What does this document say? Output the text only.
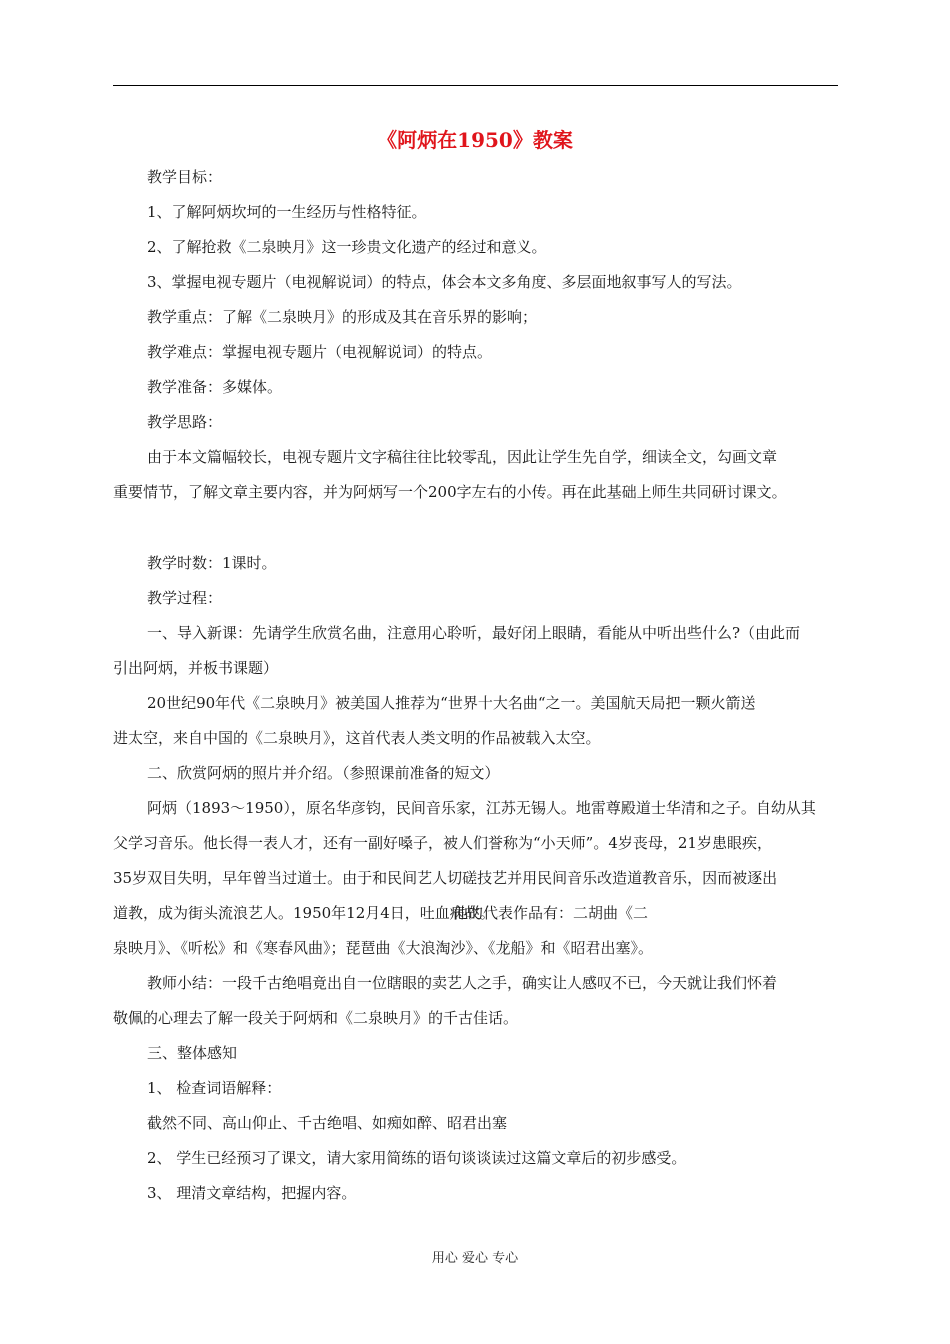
《阿炳在1950》教案

教学目标：

1、了解阿炳坎坷的一生经历与性格特征。

2、了解抢救《二泉映月》这一珍贵文化遗产的经过和意义。

3、掌握电视专题片（电视解说词）的特点，体会本文多角度、多层面地叙事写人的写法。

教学重点：了解《二泉映月》的形成及其在音乐界的影响；

教学难点：掌握电视专题片（电视解说词）的特点。

教学准备：多媒体。

教学思路：

由于本文篇幅较长，电视专题片文字稿往往比较零乱，因此让学生先自学，细读全文，勾画文章

重要情节，了解文章主要内容，并为阿炳写一个200字左右的小传。再在此基础上师生共同研讨课文。

教学时数：1课时。

教学过程：

一、导入新课：先请学生欣赏名曲，注意用心聆听，最好闭上眼睛，看能从中听出些什么?（由此而

引出阿炳，并板书课题）

20世纪90年代《二泉映月》被美国人推荐为“世界十大名曲“之一。美国航天局把一颗火箭送

进太空，来自中国的《二泉映月》，这首代表人类文明的作品被载入太空。

二、欣赏阿炳的照片并介绍。（参照课前准备的短文）

阿炳（1893～1950），原名华彦钧，民间音乐家，江苏无锡人。地雷尊殿道士华清和之子。自幼从其

父学习音乐。他长得一表人才，还有一副好嗓子，被人们誉称为“小天师”。4岁丧母，21岁患眼疾，

35岁双目失明，早年曾当过道士。由于和民间艺人切磋技艺并用民间音乐改造道教音乐，因而被逐出

道教，成为街头流浪艺人。1950年12月4日，吐血病故。他的代表作品有：二胡曲《二

泉映月》、《听松》和《寒春风曲》；琵琶曲《大浪淘沙》、《龙船》和《昭君出塞》。

教师小结：一段千古绝唱竟出自一位瞎眼的卖艺人之手，确实让人感叹不已，今天就让我们怀着

敬佩的心理去了解一段关于阿炳和《二泉映月》的千古佳话。

三、整体感知

1、 检查词语解释：

截然不同、高山仰止、千古绝唱、如痴如醉、昭君出塞

2、 学生已经预习了课文，请大家用简练的语句谈谈读过这篇文章后的初步感受。

3、 理清文章结构，把握内容。

用心 爱心 专心
